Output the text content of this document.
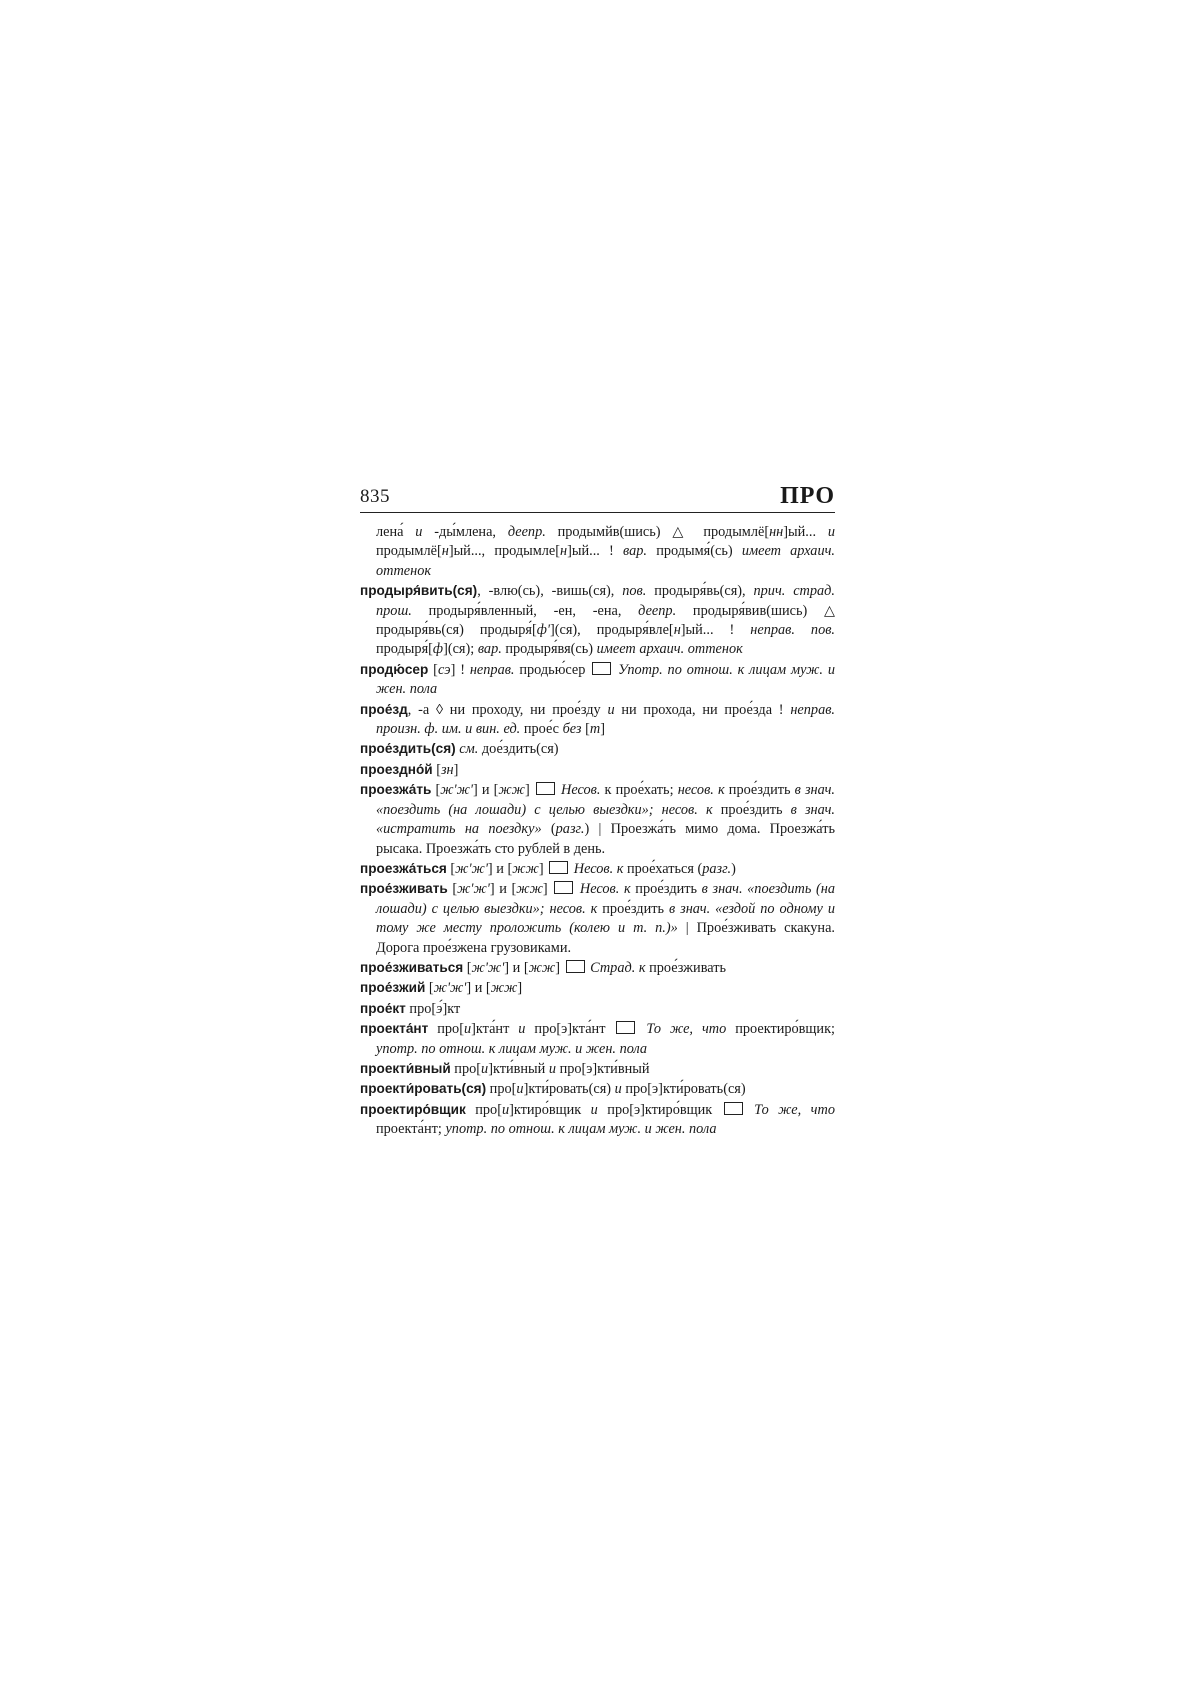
835	ПРО

лена́ и -ды́млена, деепр. продымйв(шись) △ продымлё[нн]ый... и продымлё[н]ый..., продымле[н]ый... ! вар. продымя́(сь) имеет архаич. оттенок

продыря́вить(ся), -влю(сь), -вишь(ся), пов. продыря́вь(ся), прич. страд. прош. продыря́вленный, -ен, -ена, деепр. продыря́вив(шись) △ продыря́вь(ся) продыря́[ф'](ся), продыря́вле[н]ый... ! неправ. пов. продыря́[ф](ся); вар. продыря́вя(сь) имеет архаич. оттенок

продю́сер [сэ] ! неправ. продью́сер  Употр. по отнош. к лицам муж. и жен. пола

прое́зд, -а ◊ ни проходу, ни прое́зду и ни прохода, ни прое́зда ! неправ. произн. ф. им. и вин. ед. прое́с без [т]

прое́здить(ся) см. дое́здить(ся)

проездно́й [зн]

проезжа́ть [ж'ж'] и [жж]  Несов. к прое́хать; несов. к прое́здить в знач. «поездить (на лошади) с целью выездки»; несов. к прое́здить в знач. «истратить на поездку» (разг.) | Проезжа́ть мимо дома. Проезжа́ть рысака. Проезжа́ть сто рублей в день.

проезжа́ться [ж'ж'] и [жж]  Несов. к прое́хаться (разг.)

прое́зживать [ж'ж'] и [жж]  Несов. к прое́здить в знач. «поездить (на лошади) с целью выездки»; несов. к прое́здить в знач. «ездой по одному и тому же месту проложить (колею и т. п.)» | Прое́зживать скакуна. Дорога прое́зжена грузовиками.

прое́зживаться [ж'ж'] и [жж]  Страд. к прое́зживать

прое́зжий [ж'ж'] и [жж]

прое́кт про[э́]кт

проекта́нт про[и]кта́нт и про[э]кта́нт  То же, что проектиро́вщик; употр. по отнош. к лицам муж. и жен. пола

проекти́вный про[и]кти́вный и про[э]кти́вный

проекти́ровать(ся) про[и]кти́ровать(ся) и про[э]кти́ровать(ся)

проектиро́вщик про[и]ктиро́вщик и про[э]ктиро́вщик  То же, что проекта́нт; употр. по отнош. к лицам муж. и жен. пола
